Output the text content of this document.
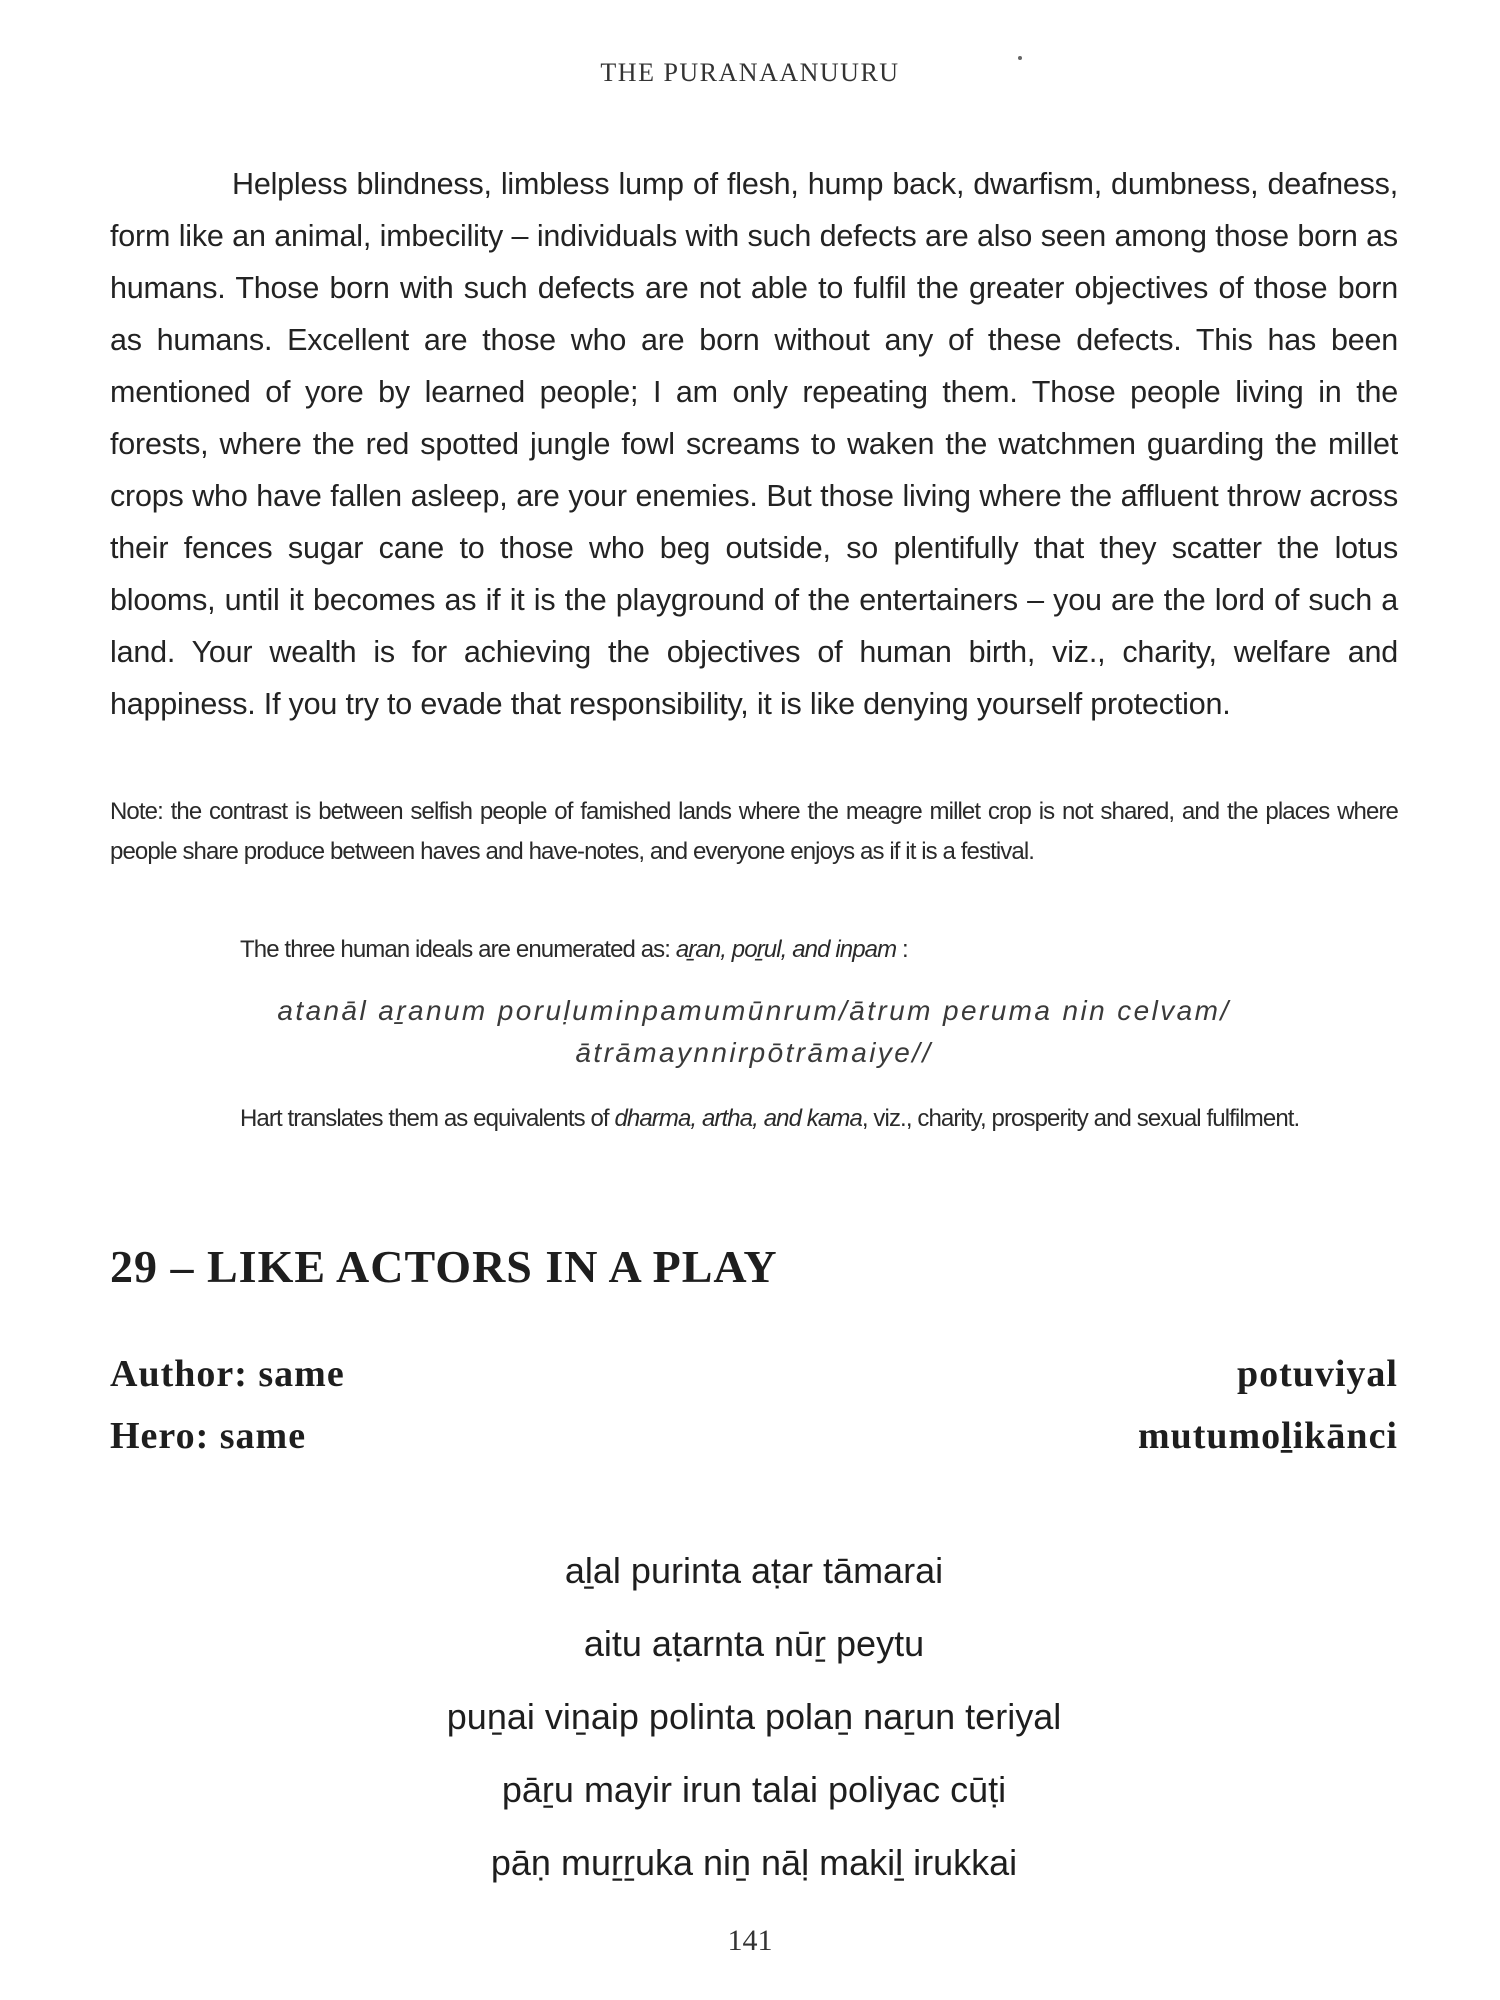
THE PURANAANUURU

Helpless blindness, limbless lump of flesh, hump back, dwarfism, dumbness, deafness, form like an animal, imbecility – individuals with such defects are also seen among those born as humans. Those born with such defects are not able to fulfil the greater objectives of those born as humans. Excellent are those who are born without any of these defects. This has been mentioned of yore by learned people; I am only repeating them. Those people living in the forests, where the red spotted jungle fowl screams to waken the watchmen guarding the millet crops who have fallen asleep, are your enemies. But those living where the affluent throw across their fences sugar cane to those who beg outside, so plentifully that they scatter the lotus blooms, until it becomes as if it is the playground of the entertainers – you are the lord of such a land. Your wealth is for achieving the objectives of human birth, viz., charity, welfare and happiness. If you try to evade that responsibility, it is like denying yourself protection.

Note: the contrast is between selfish people of famished lands where the meagre millet crop is not shared, and the places where people share produce between haves and have-notes, and everyone enjoys as if it is a festival.

The three human ideals are enumerated as: aṟan, poṟul, and inpam :

atanāl aṟanum poruḷuminpamumūnrum/ātrum peruma nin celvam/
ātrāmaynnirpōtrāmaiye//

Hart translates them as equivalents of dharma, artha, and kama, viz., charity, prosperity and sexual fulfilment.

29 – LIKE ACTORS IN A PLAY
Author: same	potuviyal
Hero: same	mutumoḻikānci

aḻal purinta aṭar tāmarai
aitu aṭarnta nūṟ peytu
puṉai viṉaip polinta polaṉ naṟun teriyal
pāṟu mayir irun talai poliyac cūṭi
pāṇ muṟṟuka niṉ nāḷ makiḻ irukkai

141
